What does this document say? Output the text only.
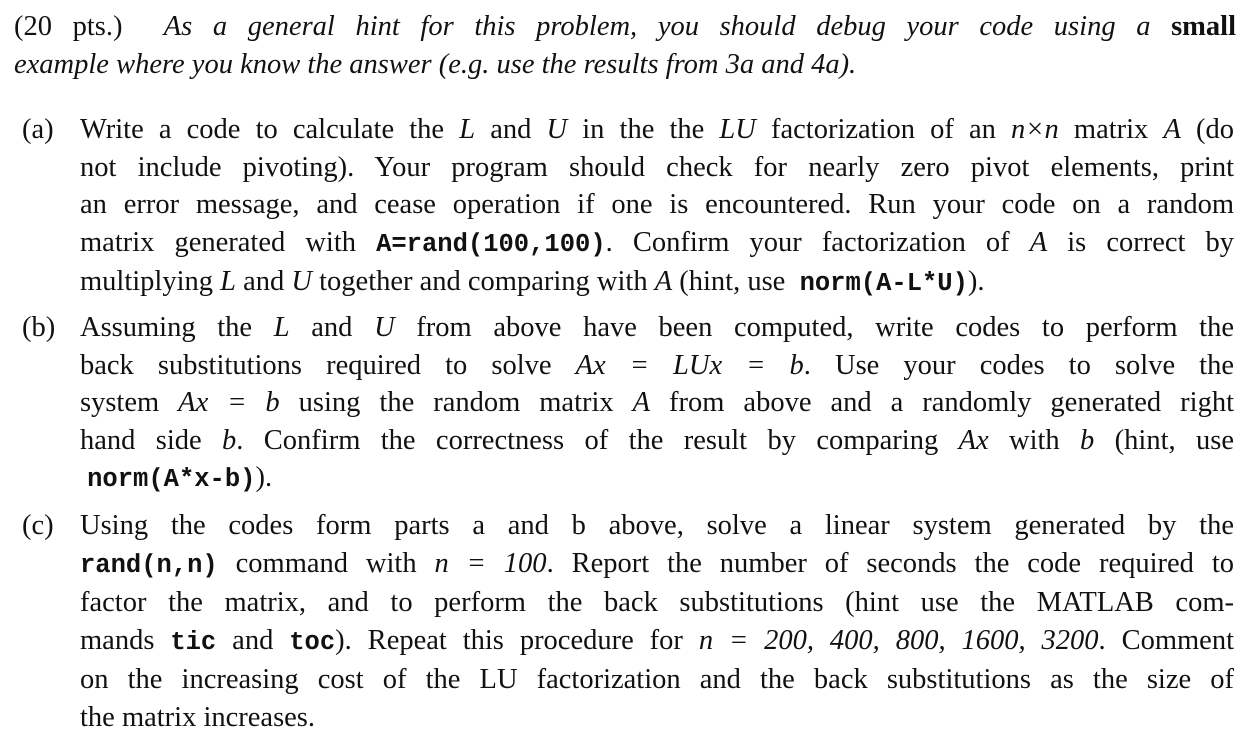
(20 pts.) As a general hint for this problem, you should debug your code using a small
example where you know the answer (e.g. use the results from 3a and 4a).
(a) Write a code to calculate the L and U in the the LU factorization of an n×n matrix A (do
not include pivoting). Your program should check for nearly zero pivot elements, print
an error message, and cease operation if one is encountered. Run your code on a random
matrix generated with A=rand(100,100). Confirm your factorization of A is correct by
multiplying L and U together and comparing with A (hint, use  norm(A-L*U)).
(b) Assuming the L and U from above have been computed, write codes to perform the
back substitutions required to solve Ax = LUx = b. Use your codes to solve the
system Ax = b using the random matrix A from above and a randomly generated right
hand side b. Confirm the correctness of the result by comparing Ax with b (hint, use
norm(A*x-b)).
(c) Using the codes form parts a and b above, solve a linear system generated by the
rand(n,n) command with n = 100. Report the number of seconds the code required to
factor the matrix, and to perform the back substitutions (hint use the MATLAB com-
mands tic and toc). Repeat this procedure for n = 200, 400, 800, 1600, 3200. Comment
on the increasing cost of the LU factorization and the back substitutions as the size of
the matrix increases.
